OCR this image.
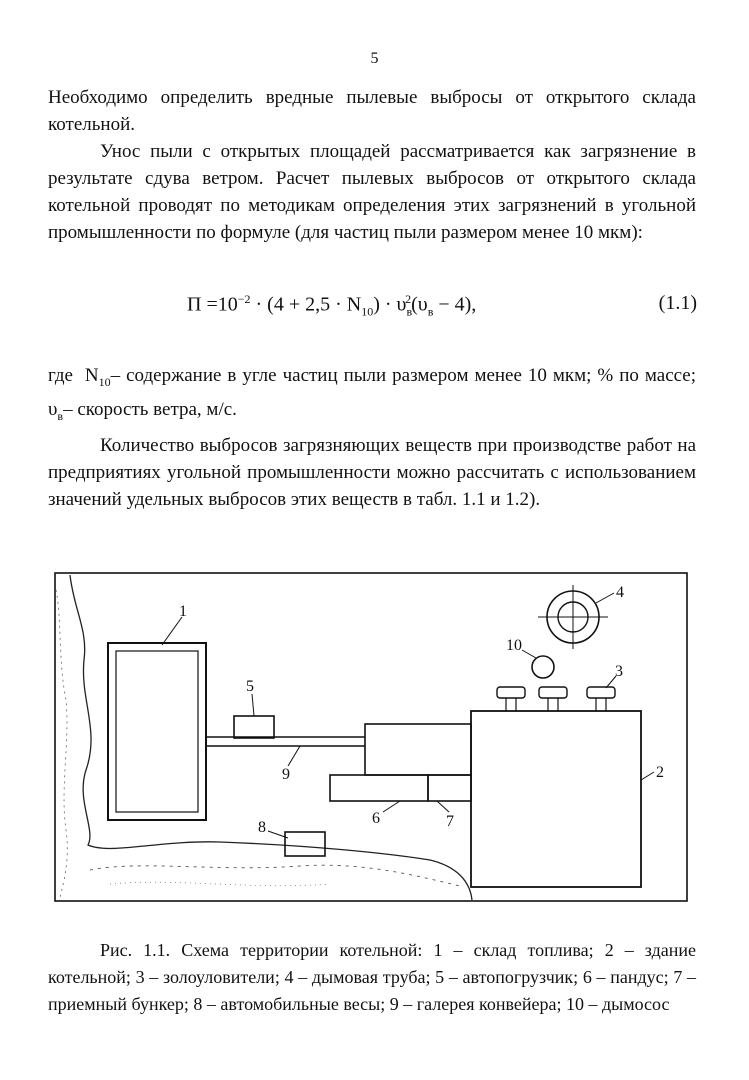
5

Необходимо определить вредные пылевые выбросы от открытого склада котельной.

Унос пыли с открытых площадей рассматривается как загрязнение в результате сдува ветром. Расчет пылевых выбросов от открытого склада котельной проводят по методикам определения этих загрязнений в угольной промышленности по формуле (для частиц пыли размером менее 10 мкм):

$П =10^{-2} \cdot (4 + 2,5 \cdot N_{10}) \cdot \upsilon_в^2(\upsilon_в - 4)$,	(1.1)

где $N_{10}-$ содержание в угле частиц пыли размером менее 10 мкм; % по массе; $\upsilon_в-$ скорость ветра, м/с.

Количество выбросов загрязняющих веществ при производстве работ на предприятиях угольной промышленности можно рассчитать с использованием значений удельных выбросов этих веществ в табл. 1.1 и 1.2).

1
2
3
4
5
6	7
8
9
10

Рис. 1.1. Схема территории котельной: 1 – склад топлива; 2 – здание котельной; 3 – золоуловители; 4 – дымовая труба; 5 – автопогрузчик; 6 – пандус; 7 – приемный бункер; 8 – автомобильные весы; 9 – галерея конвейера; 10 – дымосос
